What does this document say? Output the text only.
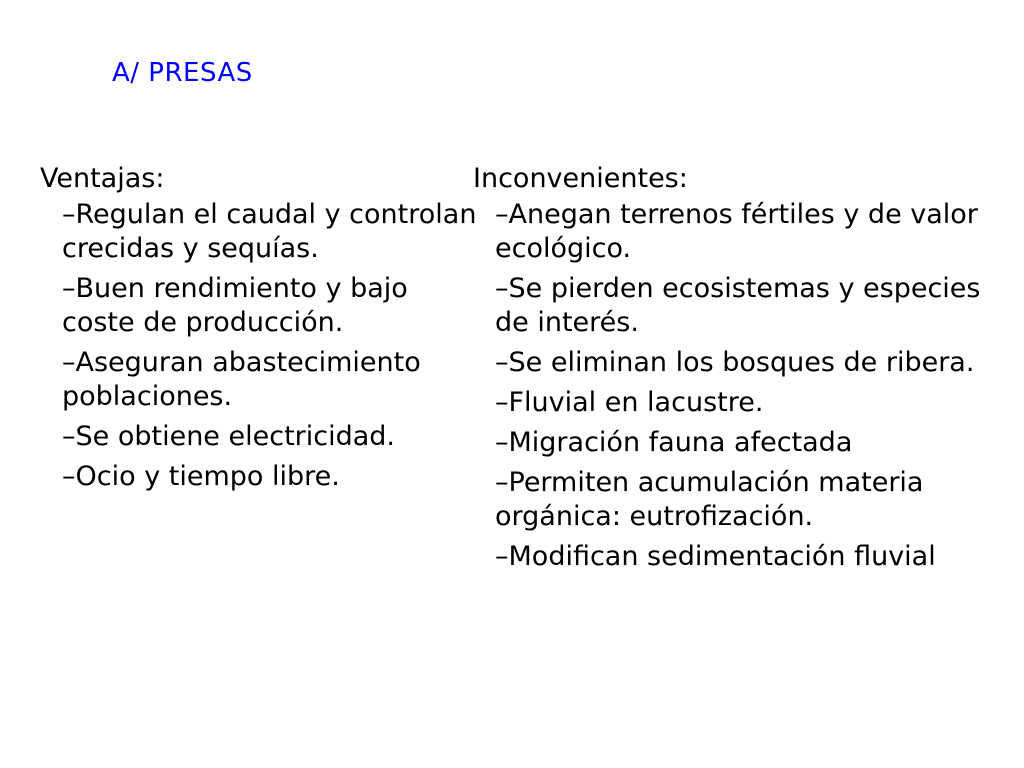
A/ PRESAS
Ventajas:
–Regulan el caudal y controlan crecidas y sequías.
–Buen rendimiento y bajo coste de producción.
–Aseguran abastecimiento poblaciones.
–Se obtiene electricidad.
–Ocio y tiempo libre.
Inconvenientes:
–Anegan terrenos fértiles y de valor ecológico.
–Se pierden ecosistemas y especies de interés.
–Se eliminan los bosques de ribera.
–Fluvial en lacustre.
–Migración fauna afectada
–Permiten acumulación materia orgánica: eutrofización.
–Modifican sedimentación fluvial
